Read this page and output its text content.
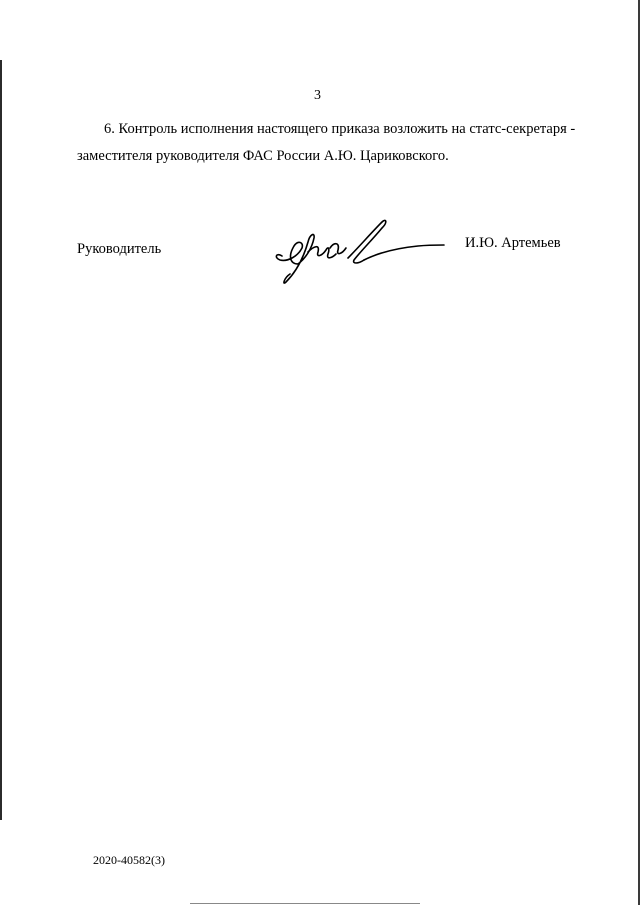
3
6. Контроль исполнения настоящего приказа возложить на статс-секретаря -
заместителя руководителя ФАС России А.Ю. Цариковского.
Руководитель	И.Ю. Артемьев
2020-40582(3)
